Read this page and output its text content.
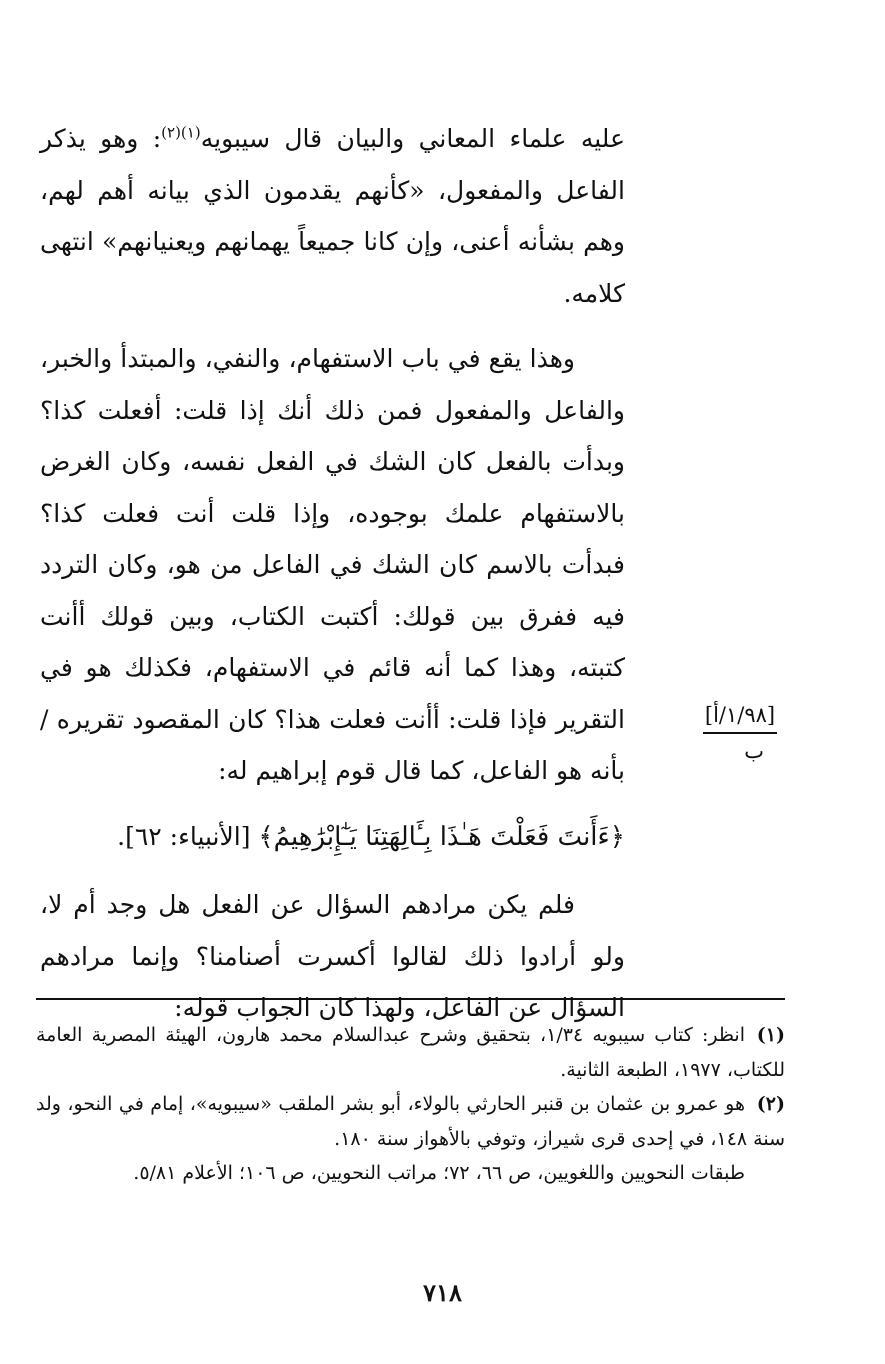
عليه علماء المعاني والبيان قال سيبويه$^{(١)(٢)}$: وهو يذكر الفاعل والمفعول، «كأنهم يقدمون الذي بيانه أهم لهم، وهم بشأنه أعنى، وإن كانا جميعاً يهمانهم ويعنيانهم» انتهى كلامه.

وهذا يقع في باب الاستفهام، والنفي، والمبتدأ والخبر، والفاعل والمفعول فمن ذلك أنك إذا قلت: أفعلت كذا؟ وبدأت بالفعل كان الشك في الفعل نفسه، وكان الغرض بالاستفهام علمك بوجوده، وإذا قلت أنت فعلت كذا؟ فبدأت بالاسم كان الشك في الفاعل من هو، وكان التردد فيه ففرق بين قولك: أكتبت الكتاب، وبين قولك أأنت كتبته، وهذا كما أنه قائم في الاستفهام، فكذلك هو في التقرير فإذا قلت: أأنت فعلت هذا؟ كان المقصود تقريره / بأنه هو الفاعل، كما قال قوم إبراهيم له:

﴿ءَأَنتَ فَعَلْتَ هَـٰذَا بِـَٔالِهَتِنَا يَـٰٓإِبْرَٰهِيمُ﴾ [الأنبياء: ٦٢].

فلم يكن مرادهم السؤال عن الفعل هل وجد أم لا، ولو أرادوا ذلك لقالوا أكسرت أصنامنا؟ وإنما مرادهم السؤال عن الفاعل، ولهذا كان الجواب قوله:

[١/٩٨/أ]
ب

(١)انظر: كتاب سيبويه ١/٣٤، بتحقيق وشرح عبدالسلام محمد هارون، الهيئة المصرية العامة للكتاب، ١٩٧٧، الطبعة الثانية.

(٢)هو عمرو بن عثمان بن قنبر الحارثي بالولاء، أبو بشر الملقب «سيبويه»، إمام في النحو، ولد سنة ١٤٨، في إحدى قرى شيراز، وتوفي بالأهواز سنة ١٨٠.

طبقات النحويين واللغويين، ص ٦٦، ٧٢؛ مراتب النحويين، ص ١٠٦؛ الأعلام ٥/٨١.

٧١٨
